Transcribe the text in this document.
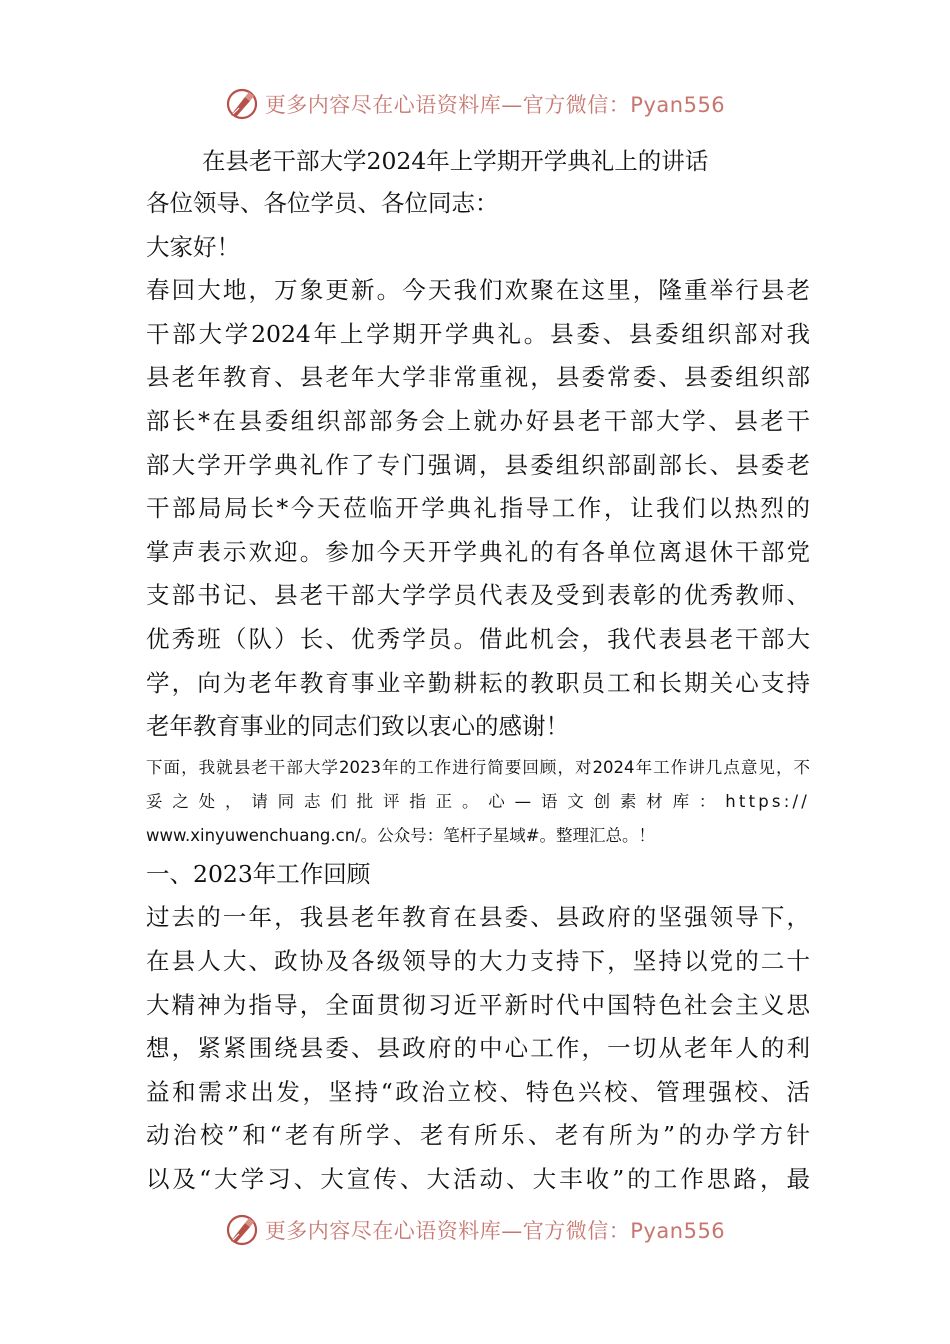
更多内容尽在心语资料库—官方微信：Pyan556
在县老干部大学2024年上学期开学典礼上的讲话
各位领导、各位学员、各位同志：
大家好！
春回大地，万象更新。今天我们欢聚在这里，隆重举行县老
干部大学2024年上学期开学典礼。县委、县委组织部对我
县老年教育、县老年大学非常重视，县委常委、县委组织部
部长*在县委组织部部务会上就办好县老干部大学、县老干
部大学开学典礼作了专门强调，县委组织部副部长、县委老
干部局局长*今天莅临开学典礼指导工作，让我们以热烈的
掌声表示欢迎。参加今天开学典礼的有各单位离退休干部党
支部书记、县老干部大学学员代表及受到表彰的优秀教师、
优秀班（队）长、优秀学员。借此机会，我代表县老干部大
学，向为老年教育事业辛勤耕耘的教职员工和长期关心支持
老年教育事业的同志们致以衷心的感谢！
下面，我就县老干部大学2023年的工作进行简要回顾，对2024年工作讲几点意见，不
妥之处，请同志们批评指正。心—语文创素材库：https://
www.xinyuwenchuang.cn/。公众号：笔杆子星域#。整理汇总。！
一、2023年工作回顾
过去的一年，我县老年教育在县委、县政府的坚强领导下，
在县人大、政协及各级领导的大力支持下，坚持以党的二十
大精神为指导，全面贯彻习近平新时代中国特色社会主义思
想，紧紧围绕县委、县政府的中心工作，一切从老年人的利
益和需求出发，坚持“政治立校、特色兴校、管理强校、活
动治校”和“老有所学、老有所乐、老有所为”的办学方针
以及“大学习、大宣传、大活动、大丰收”的工作思路，最
更多内容尽在心语资料库—官方微信：Pyan556
